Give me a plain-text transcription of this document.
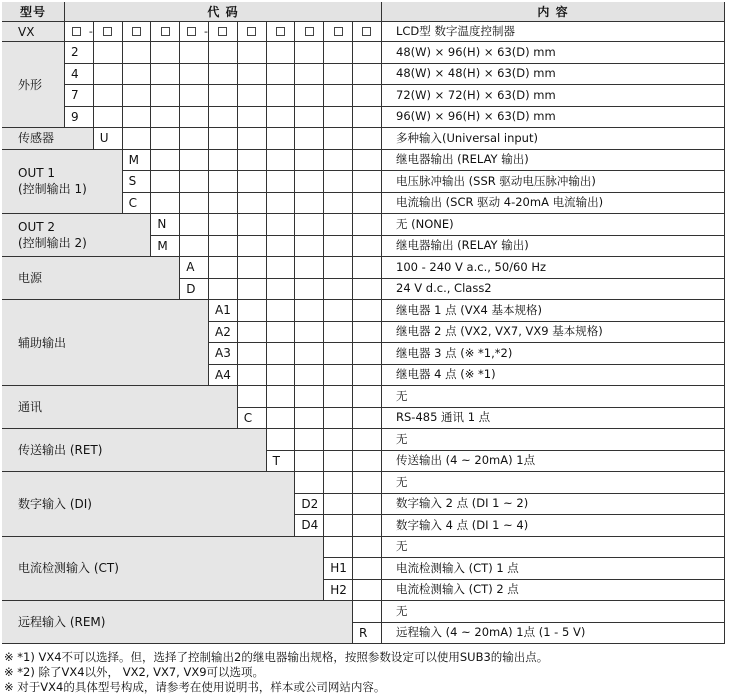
型号	代 码	内 容
VX	-	-	LCD型 数字温度控制器
外形
2	48(W) × 96(H) × 63(D) mm
4	48(W) × 48(H) × 63(D) mm
7	72(W) × 72(H) × 63(D) mm
9	96(W) × 96(H) × 63(D) mm
传感器	U	多种输入(Universal input)
OUT 1
(控制输出 1)
M	继电器输出 (RELAY 输出)
S	电压脉冲输出 (SSR 驱动电压脉冲输出)
C	电流输出 (SCR 驱动 4-20mA 电流输出)
OUT 2
(控制输出 2)
N	无 (NONE)
M	继电器输出 (RELAY 输出)
电源
A	100 - 240 V a.c., 50/60 Hz
D	24 V d.c., Class2
辅助输出
A1	继电器 1 点 (VX4 基本规格)
A2	继电器 2 点 (VX2, VX7, VX9 基本规格)
A3	继电器 3 点 (※ *1,*2)
A4	继电器 4 点 (※ *1)
通讯
无
C	RS-485 通讯 1 点
传送输出 (RET)
无
T	传送输出 (4 ~ 20mA) 1点
数字输入 (DI)
无
D2	数字输入 2 点 (DI 1 ~ 2)
D4	数字输入 4 点 (DI 1 ~ 4)
电流检测输入 (CT)
无
H1	电流检测输入 (CT) 1 点
H2	电流检测输入 (CT) 2 点
远程输入 (REM)
无
R	远程输入 (4 ~ 20mA) 1点 (1 - 5 V)
※ *1) VX4不可以选择。但，选择了控制输出2的继电器输出规格，按照参数设定可以使用SUB3的输出点。
※ *2) 除了VX4以外， VX2, VX7, VX9可以选项。
※ 对于VX4的具体型号构成，请参考在使用说明书，样本或公司网站内容。
